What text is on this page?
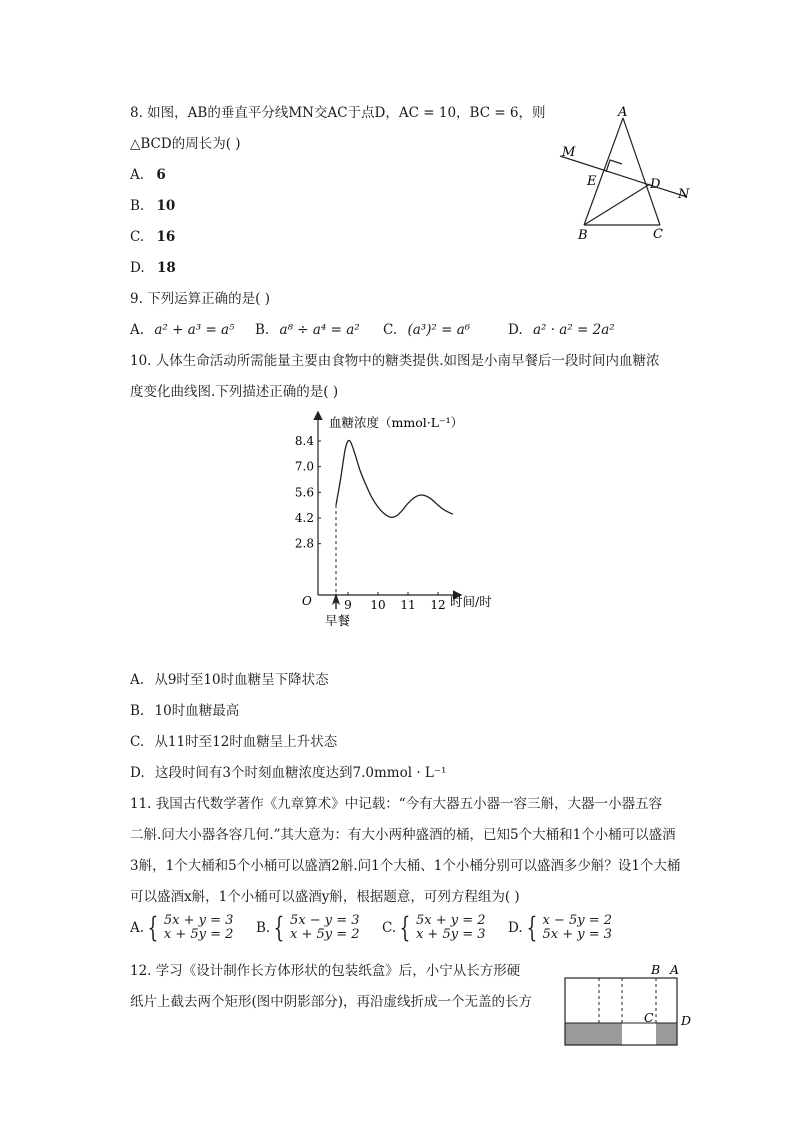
8. 如图，AB的垂直平分线MN交AC于点D，AC = 10，BC = 6，则
△BCD的周长为( )
A. 6
B. 10
C. 16
D. 18
A
B	C
D
E
M
N
9. 下列运算正确的是( )
A. a² + a³ = a⁵ B. a⁸ ÷ a⁴ = a² C. (a³)² = a⁶	D. a² · a² = 2a²
10. 人体生命活动所需能量主要由食物中的糖类提供.如图是小南早餐后一段时间内血糖浓
度变化曲线图.下列描述正确的是( )
血糖浓度（mmol·L⁻¹）
时间/时
O
2.8
4.2
5.6
7.0
8.4
9 10 11 12
早餐
A. 从9时至10时血糖呈下降状态
B. 10时血糖最高
C. 从11时至12时血糖呈上升状态
D. 这段时间有3个时刻血糖浓度达到7.0mmol · L⁻¹
11. 我国古代数学著作《九章算术》中记载：“今有大器五小器一容三斛，大器一小器五容
二斛.问大小器各容几何.”其大意为：有大小两种盛酒的桶，已知5个大桶和1个小桶可以盛酒
3斛，1个大桶和5个小桶可以盛酒2斛.问1个大桶、1个小桶分别可以盛酒多少斛？设1个大桶
可以盛酒x斛，1个小桶可以盛酒y斛，根据题意，可列方程组为( )
A. { 5x + y = 3
x + 5y = 2 B. { 5x − y = 3
x + 5y = 2 C. { 5x + y = 2
x + 5y = 3 D. { x − 5y = 2
5x + y = 3
12. 学习《设计制作长方体形状的包装纸盒》后，小宁从长方形硬
纸片上截去两个矩形(图中阴影部分)，再沿虚线折成一个无盖的长方
B A
C D
